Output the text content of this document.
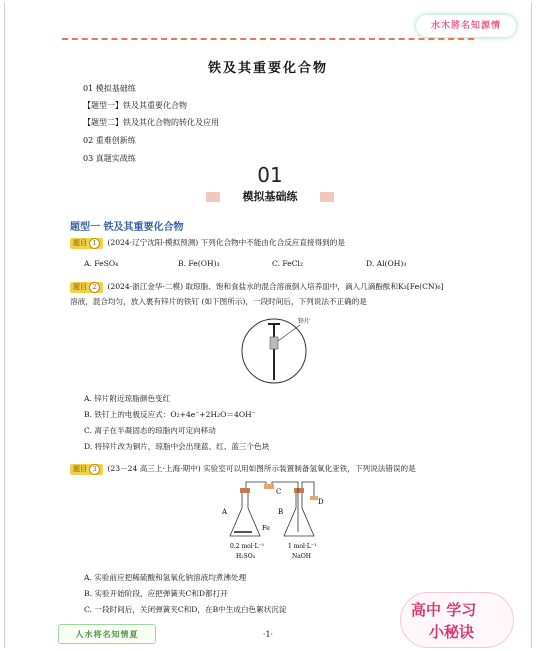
水木將名知源情
铁及其重要化合物
01 模拟基础练
【题型一】铁及其重要化合物
【题型二】铁及其化合物的转化及应用
02 重难创新练
03 真题实战练
01
模拟基础练
题型一 铁及其重要化合物
题目 1 (2024·辽宁沈阳·模拟预测) 下列化合物中不能由化合反应直接得到的是
A. FeSO₄	B. Fe(OH)₃	C. FeCl₂	D. Al(OH)₃
题目 2 (2024·浙江金华·二模) 取琼脂、饱和食盐水的混合溶液倒入培养皿中，滴入几滴酚酞和K₃[Fe(CN)₆]
溶液，混合均匀，放入裹有锌片的铁钉 (如下图所示)，一段时间后，下列说法不正确的是
锌片
A. 锌片附近琼脂颜色变红
B. 铁钉上的电极反应式：O₂+4e⁻+2H₂O＝4OH⁻
C. 离子在半凝固态的琼脂内可定向移动
D. 将锌片改为铜片，琼脂中会出现蓝、红、蓝三个色块
题目 3 (23－24 高三上·上海·期中) 实验室可以用如图所示装置制备氢氧化亚铁，下列说法错误的是
A	B
C
D
Fe
0.2 mol·L⁻¹
H₂SO₄
1 mol·L⁻¹
NaOH
A. 实验前应把稀硫酸和氢氧化钠溶液均煮沸处理
B. 实验开始阶段，应把弹簧夹C和D都打开
C. 一段时间后，关闭弹簧夹C和D，在B中生成白色絮状沉淀
人水将名知情夏	·1·
高中 学习
小秘诀
